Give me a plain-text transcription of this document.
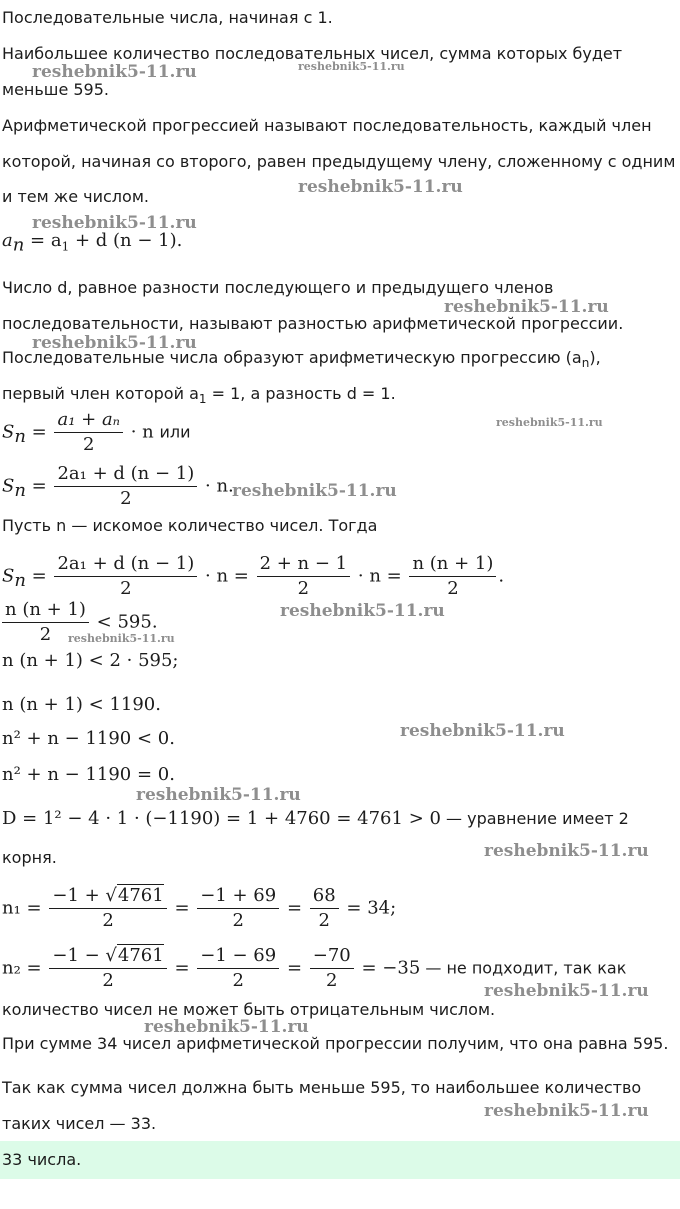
Последовательные числа, начиная с 1.
Наибольшее количество последовательных чисел, сумма которых будет
меньше 595.
Арифметической прогрессией называют последовательность, каждый член
которой, начиная со второго, равен предыдущему члену, сложенному с одним
и тем же числом.
$a_n = a_1 + d$ (n − 1).
Число d, равное разности последующего и предыдущего членов
последовательности, называют разностью арифметической прогрессии.
Последовательные числа образуют арифметическую прогрессию $(a_n)$,
первый член которой $a_1 = 1$, а разность d = 1.
$S_n = \frac{\text{a₁ + aₙ}}{2} \cdot n$ или
$S_n = \frac{\text{2a₁ + d (n − 1)}}{2} \cdot n$.
Пусть n — искомое количество чисел. Тогда
$S_n = \frac{\text{2a₁ + d (n − 1)}}{2} \cdot n = \frac{2 + n - 1}{2} \cdot n = \frac{n (n + 1)}{2}$ .
$\frac{n (n + 1)}{2} < 595$.
n (n + 1) < 2 · 595;
n (n + 1) < 1190.
n² + n − 1190 < 0.
n² + n − 1190 = 0.
D = 1² − 4 · 1 · (−1190) = 1 + 4760 = 4761 > 0 — уравнение имеет 2
корня.
$n_1 = \frac{-1 + √4761}{2} = \frac{-1 + 69}{2} = \frac{68}{2} = 34$;
$n_2 = \frac{-1 - √4761}{2} = \frac{-1 - 69}{2} = \frac{-70}{2} = -35$ — не подходит, так как
количество чисел не может быть отрицательным числом.
При сумме 34 чисел арифметической прогрессии получим, что она равна 595.
Так как сумма чисел должна быть меньше 595, то наибольшее количество
таких чисел — 33.
33 числа.
reshebnik5-11.ru	reshebnik5-11.ru
reshebnik5-11.ru
reshebnik5-11.ru
reshebnik5-11.ru
reshebnik5-11.ru
reshebnik5-11.ru
reshebnik5-11.ru
reshebnik5-11.ru
reshebnik5-11.ru
reshebnik5-11.ru
reshebnik5-11.ru
reshebnik5-11.ru
reshebnik5-11.ru
reshebnik5-11.ru
reshebnik5-11.ru
